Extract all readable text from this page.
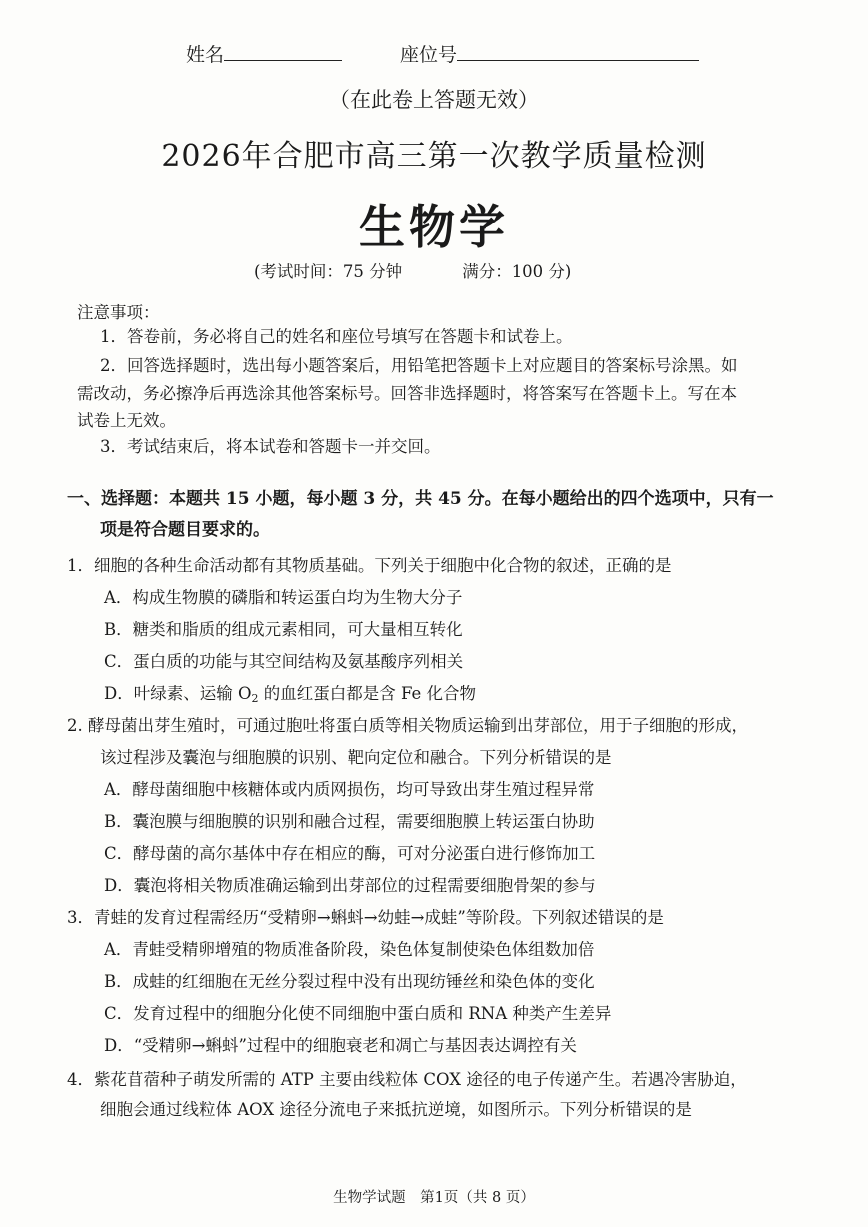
姓名	座位号
（在此卷上答题无效）
2026年合肥市高三第一次教学质量检测
生物学
(考试时间：75 分钟	满分：100 分)
注意事项：
1．答卷前，务必将自己的姓名和座位号填写在答题卡和试卷上。
2．回答选择题时，选出每小题答案后，用铅笔把答题卡上对应题目的答案标号涂黑。如
需改动，务必擦净后再选涂其他答案标号。回答非选择题时，将答案写在答题卡上。写在本
试卷上无效。
3．考试结束后，将本试卷和答题卡一并交回。
一、选择题：本题共 15 小题，每小题 3 分，共 45 分。在每小题给出的四个选项中，只有一
项是符合题目要求的。
1．细胞的各种生命活动都有其物质基础。下列关于细胞中化合物的叙述，正确的是
A．构成生物膜的磷脂和转运蛋白均为生物大分子
B．糖类和脂质的组成元素相同，可大量相互转化
C．蛋白质的功能与其空间结构及氨基酸序列相关
D．叶绿素、运输 $O_2$ 的血红蛋白都是含 Fe 化合物
2. 酵母菌出芽生殖时，可通过胞吐将蛋白质等相关物质运输到出芽部位，用于子细胞的形成，
该过程涉及囊泡与细胞膜的识别、靶向定位和融合。下列分析错误的是
A．酵母菌细胞中核糖体或内质网损伤，均可导致出芽生殖过程异常
B．囊泡膜与细胞膜的识别和融合过程，需要细胞膜上转运蛋白协助
C．酵母菌的高尔基体中存在相应的酶，可对分泌蛋白进行修饰加工
D．囊泡将相关物质准确运输到出芽部位的过程需要细胞骨架的参与
3．青蛙的发育过程需经历“受精卵→蝌蚪→幼蛙→成蛙”等阶段。下列叙述错误的是
A．青蛙受精卵增殖的物质准备阶段，染色体复制使染色体组数加倍
B．成蛙的红细胞在无丝分裂过程中没有出现纺锤丝和染色体的变化
C．发育过程中的细胞分化使不同细胞中蛋白质和 RNA 种类产生差异
D．“受精卵→蝌蚪”过程中的细胞衰老和凋亡与基因表达调控有关
4．紫花苜蓿种子萌发所需的 ATP 主要由线粒体 COX 途径的电子传递产生。若遇冷害胁迫，
细胞会通过线粒体 AOX 途径分流电子来抵抗逆境，如图所示。下列分析错误的是
生物学试题　第1页（共 8 页）
